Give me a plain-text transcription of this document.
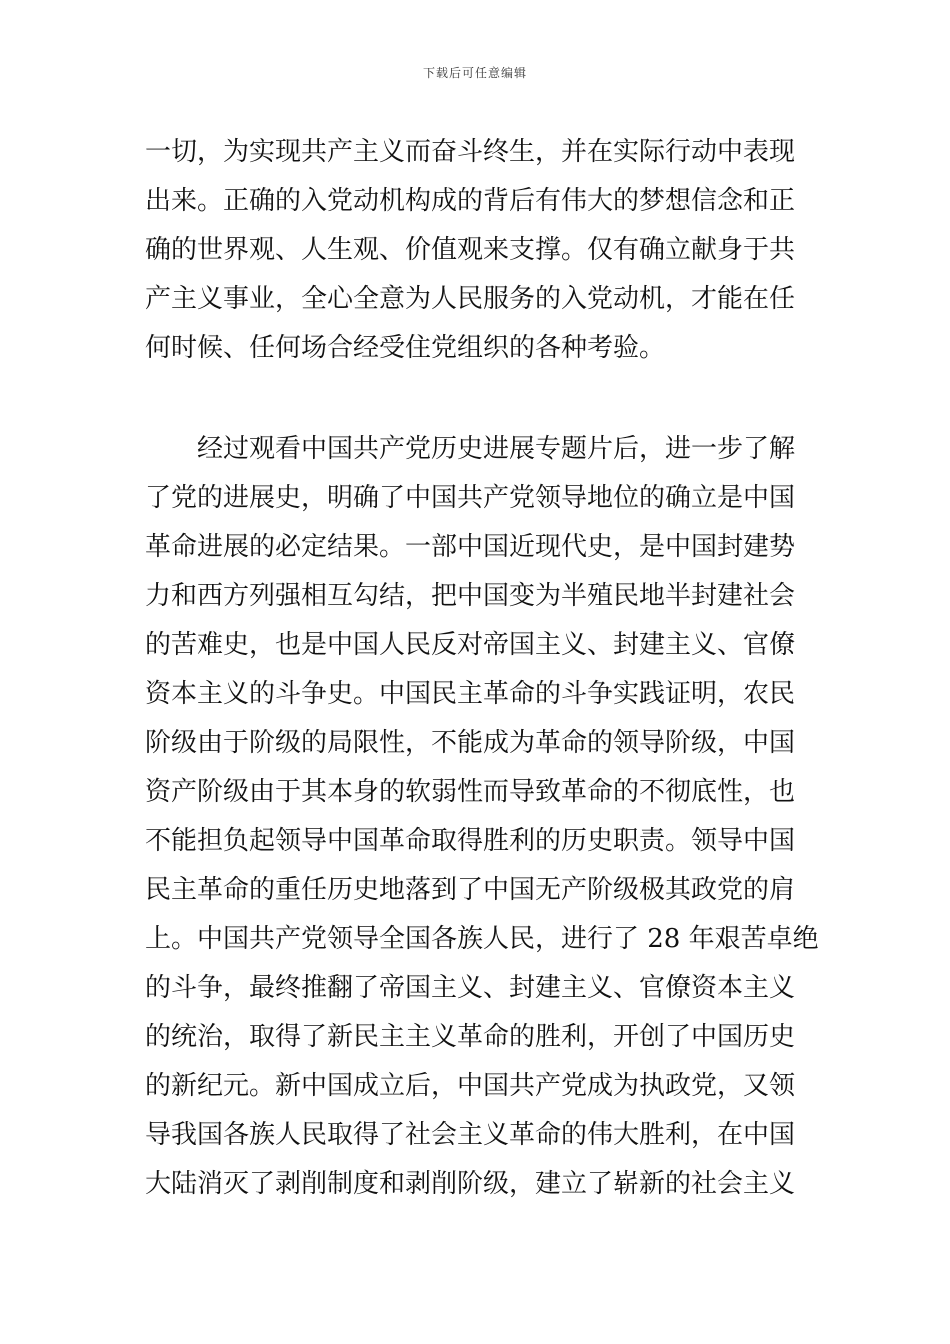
下载后可任意编辑
一切，为实现共产主义而奋斗终生，并在实际行动中表现
出来。正确的入党动机构成的背后有伟大的梦想信念和正
确的世界观、人生观、价值观来支撑。仅有确立献身于共
产主义事业，全心全意为人民服务的入党动机，才能在任
何时候、任何场合经受住党组织的各种考验。
经过观看中国共产党历史进展专题片后，进一步了解
了党的进展史，明确了中国共产党领导地位的确立是中国
革命进展的必定结果。一部中国近现代史，是中国封建势
力和西方列强相互勾结，把中国变为半殖民地半封建社会
的苦难史，也是中国人民反对帝国主义、封建主义、官僚
资本主义的斗争史。中国民主革命的斗争实践证明，农民
阶级由于阶级的局限性，不能成为革命的领导阶级，中国
资产阶级由于其本身的软弱性而导致革命的不彻底性，也
不能担负起领导中国革命取得胜利的历史职责。领导中国
民主革命的重任历史地落到了中国无产阶级极其政党的肩
上。中国共产党领导全国各族人民，进行了 28 年艰苦卓绝
的斗争，最终推翻了帝国主义、封建主义、官僚资本主义
的统治，取得了新民主主义革命的胜利，开创了中国历史
的新纪元。新中国成立后，中国共产党成为执政党，又领
导我国各族人民取得了社会主义革命的伟大胜利，在中国
大陆消灭了剥削制度和剥削阶级，建立了崭新的社会主义
